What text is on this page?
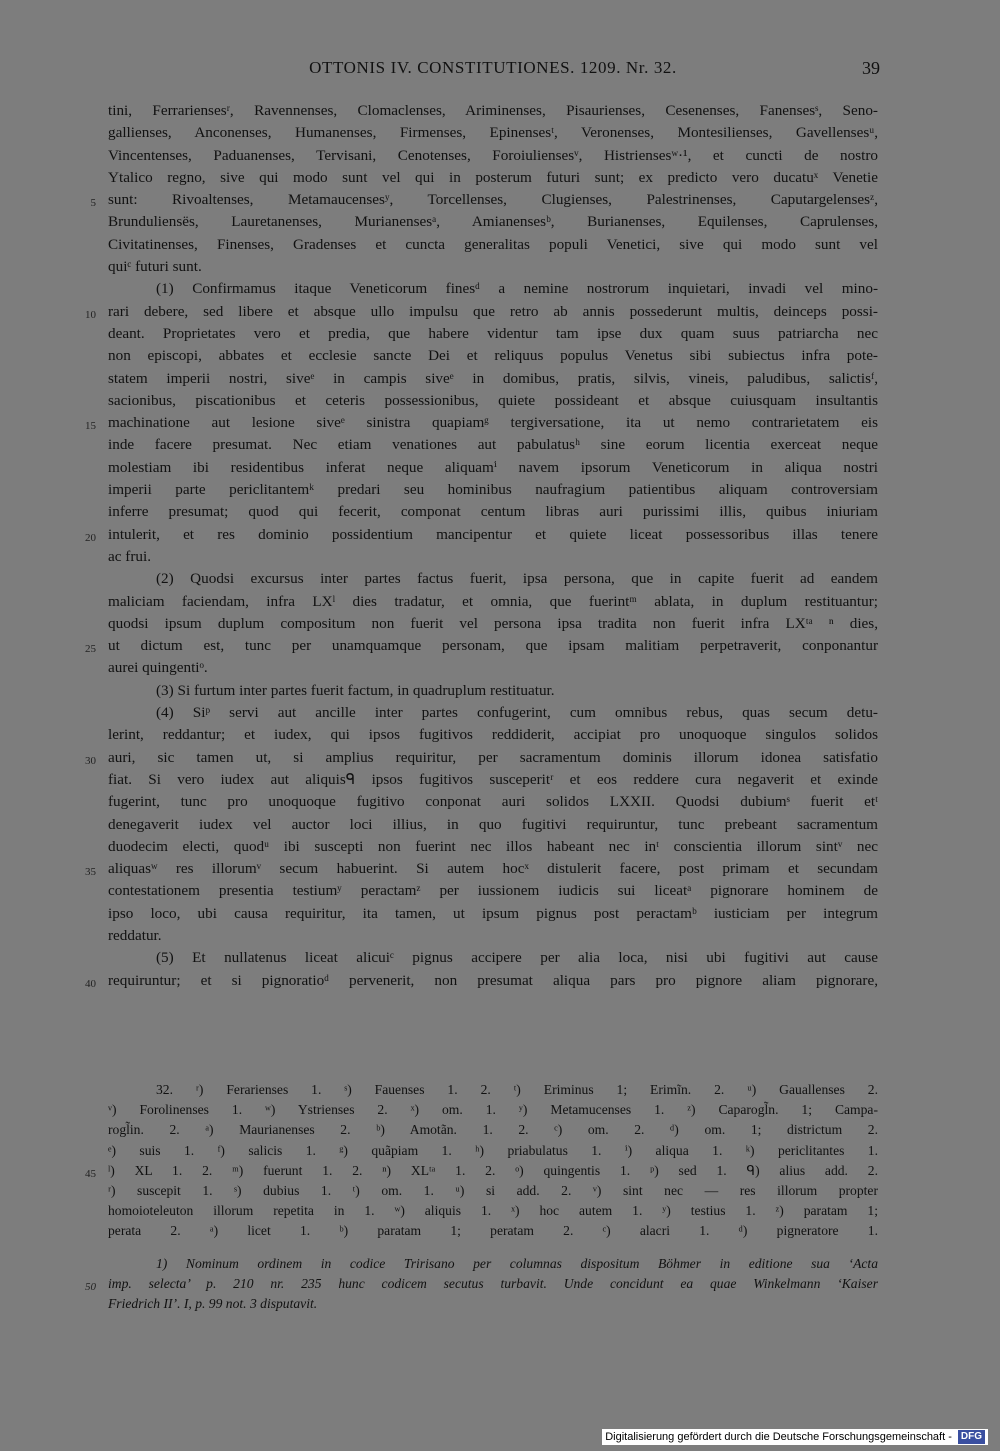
OTTONIS IV. CONSTITUTIONES. 1209. Nr. 32.	39
tini, Ferrariensesʳ, Ravennenses, Clomaclenses, Ariminenses, Pisaurienses, Cesenenses, Fanensesˢ, Seno-
gallienses, Anconenses, Humanenses, Firmenses, Epinensesᵗ, Veronenses, Montesilienses, Gavellensesᵘ,
Vincentenses, Paduanenses, Tervisani, Cenotenses, Foroiuliensesᵛ, Histriensesʷ·¹, et cuncti de nostro
Ytalico regno, sive qui modo sunt vel qui in posterum futuri sunt; ex predicto vero ducatuˣ Venetie
5 sunt: Rivoaltenses, Metamaucensesʸ, Torcellenses, Clugienses, Palestrinenses, Caputargelensesᶻ,
Brunduliensës, Lauretanenses, Murianensesᵃ, Amianensesᵇ, Burianenses, Equilenses, Caprulenses,
Civitatinenses, Finenses, Gradenses et cuncta generalitas populi Venetici, sive qui modo sunt vel
quiᶜ futuri sunt.
(1) Confirmamus itaque Veneticorum finesᵈ a nemine nostrorum inquietari, invadi vel mino-
10 rari debere, sed libere et absque ullo impulsu que retro ab annis possederunt multis, deinceps possi-
deant. Proprietates vero et predia, que habere videntur tam ipse dux quam suus patriarcha nec
non episcopi, abbates et ecclesie sancte Dei et reliquus populus Venetus sibi subiectus infra pote-
statem imperii nostri, siveᵉ in campis siveᵉ in domibus, pratis, silvis, vineis, paludibus, salictisᶠ,
sacionibus, piscationibus et ceteris possessionibus, quiete possideant et absque cuiusquam insultantis
15 machinatione aut lesione siveᵉ sinistra quapiamᵍ tergiversatione, ita ut nemo contrarietatem eis
inde facere presumat. Nec etiam venationes aut pabulatusʰ sine eorum licentia exerceat neque
molestiam ibi residentibus inferat neque aliquamⁱ navem ipsorum Veneticorum in aliqua nostri
imperii parte periclitantemᵏ predari seu hominibus naufragium patientibus aliquam controversiam
inferre presumat; quod qui fecerit, componat centum libras auri purissimi illis, quibus iniuriam
20 intulerit, et res dominio possidentium mancipentur et quiete liceat possessoribus illas tenere
ac frui.
(2) Quodsi excursus inter partes factus fuerit, ipsa persona, que in capite fuerit ad eandem
maliciam faciendam, infra LXˡ dies tradatur, et omnia, que fuerintᵐ ablata, in duplum restituantur;
quodsi ipsum duplum compositum non fuerit vel persona ipsa tradita non fuerit infra LXᵗᵃ ⁿ dies,
25 ut dictum est, tunc per unamquamque personam, que ipsam malitiam perpetraverit, conponantur
aurei quingentiᵒ.
(3) Si furtum inter partes fuerit factum, in quadruplum restituatur.
(4) Siᵖ servi aut ancille inter partes confugerint, cum omnibus rebus, quas secum detu-
lerint, reddantur; et iudex, qui ipsos fugitivos reddiderit, accipiat pro unoquoque singulos solidos
30 auri, sic tamen ut, si amplius requiritur, per sacramentum dominis illorum idonea satisfatio
fiat. Si vero iudex aut aliquisᑫ ipsos fugitivos susceperitʳ et eos reddere cura negaverit et exinde
fugerint, tunc pro unoquoque fugitivo conponat auri solidos LXXII. Quodsi dubiumˢ fuerit etᵗ
denegaverit iudex vel auctor loci illius, in quo fugitivi requiruntur, tunc prebeant sacramentum
duodecim electi, quodᵘ ibi suscepti non fuerint nec illos habeant nec inᵗ conscientia illorum sintᵛ nec
35 aliquasʷ res illorumᵛ secum habuerint. Si autem hocˣ distulerit facere, post primam et secundam
contestationem presentia testiumʸ peractamᶻ per iussionem iudicis sui liceatᵃ pignorare hominem de
ipso loco, ubi causa requiritur, ita tamen, ut ipsum pignus post peractamᵇ iusticiam per integrum
reddatur.
(5) Et nullatenus liceat alicuiᶜ pignus accipere per alia loca, nisi ubi fugitivi aut cause
40 requiruntur; et si pignoratioᵈ pervenerit, non presumat aliqua pars pro pignore aliam pignorare,
32. ʳ) Ferarienses 1. ˢ) Fauenses 1. 2. ᵗ) Eriminus 1; Erimĩn. 2. ᵘ) Gauallenses 2.
ᵛ) Forolinenses 1. ʷ) Ystrienses 2. ˣ) om. 1. ʸ) Metamucenses 1. ᶻ) Caparogl̃n. 1; Campa-
rogl̃in. 2. ᵃ) Maurianenses 2. ᵇ) Amotãn. 1. 2. ᶜ) om. 2. ᵈ) om. 1; districtum 2.
ᵉ) suis 1. ᶠ) salicis 1. ᵍ) quãpiam 1. ʰ) priabulatus 1. ⁱ) aliqua 1. ᵏ) periclitantes 1.
45 ˡ) XL 1. 2. ᵐ) fuerunt 1. 2. ⁿ) XLᵗᵃ 1. 2. ᵒ) quingentis 1. ᵖ) sed 1. ᑫ) alius add. 2.
ʳ) suscepit 1. ˢ) dubius 1. ᵗ) om. 1. ᵘ) si add. 2. ᵛ) sint nec — res illorum propter
homoioteleuton illorum repetita in 1. ʷ) aliquis 1. ˣ) hoc autem 1. ʸ) testius 1. ᶻ) paratam 1;
perata 2. ᵃ) licet 1. ᵇ) paratam 1; peratam 2. ᶜ) alacri 1. ᵈ) pigneratore 1.
1) Nominum ordinem in codice Tririsano per columnas dispositum Böhmer in editione sua ‘Acta
50 imp. selecta’ p. 210 nr. 235 hunc codicem secutus turbavit. Unde concidunt ea quae Winkelmann ‘Kaiser
Friedrich II’. I, p. 99 not. 3 disputavit.
Digitalisierung gefördert durch die Deutsche Forschungsgemeinschaft - DFG
